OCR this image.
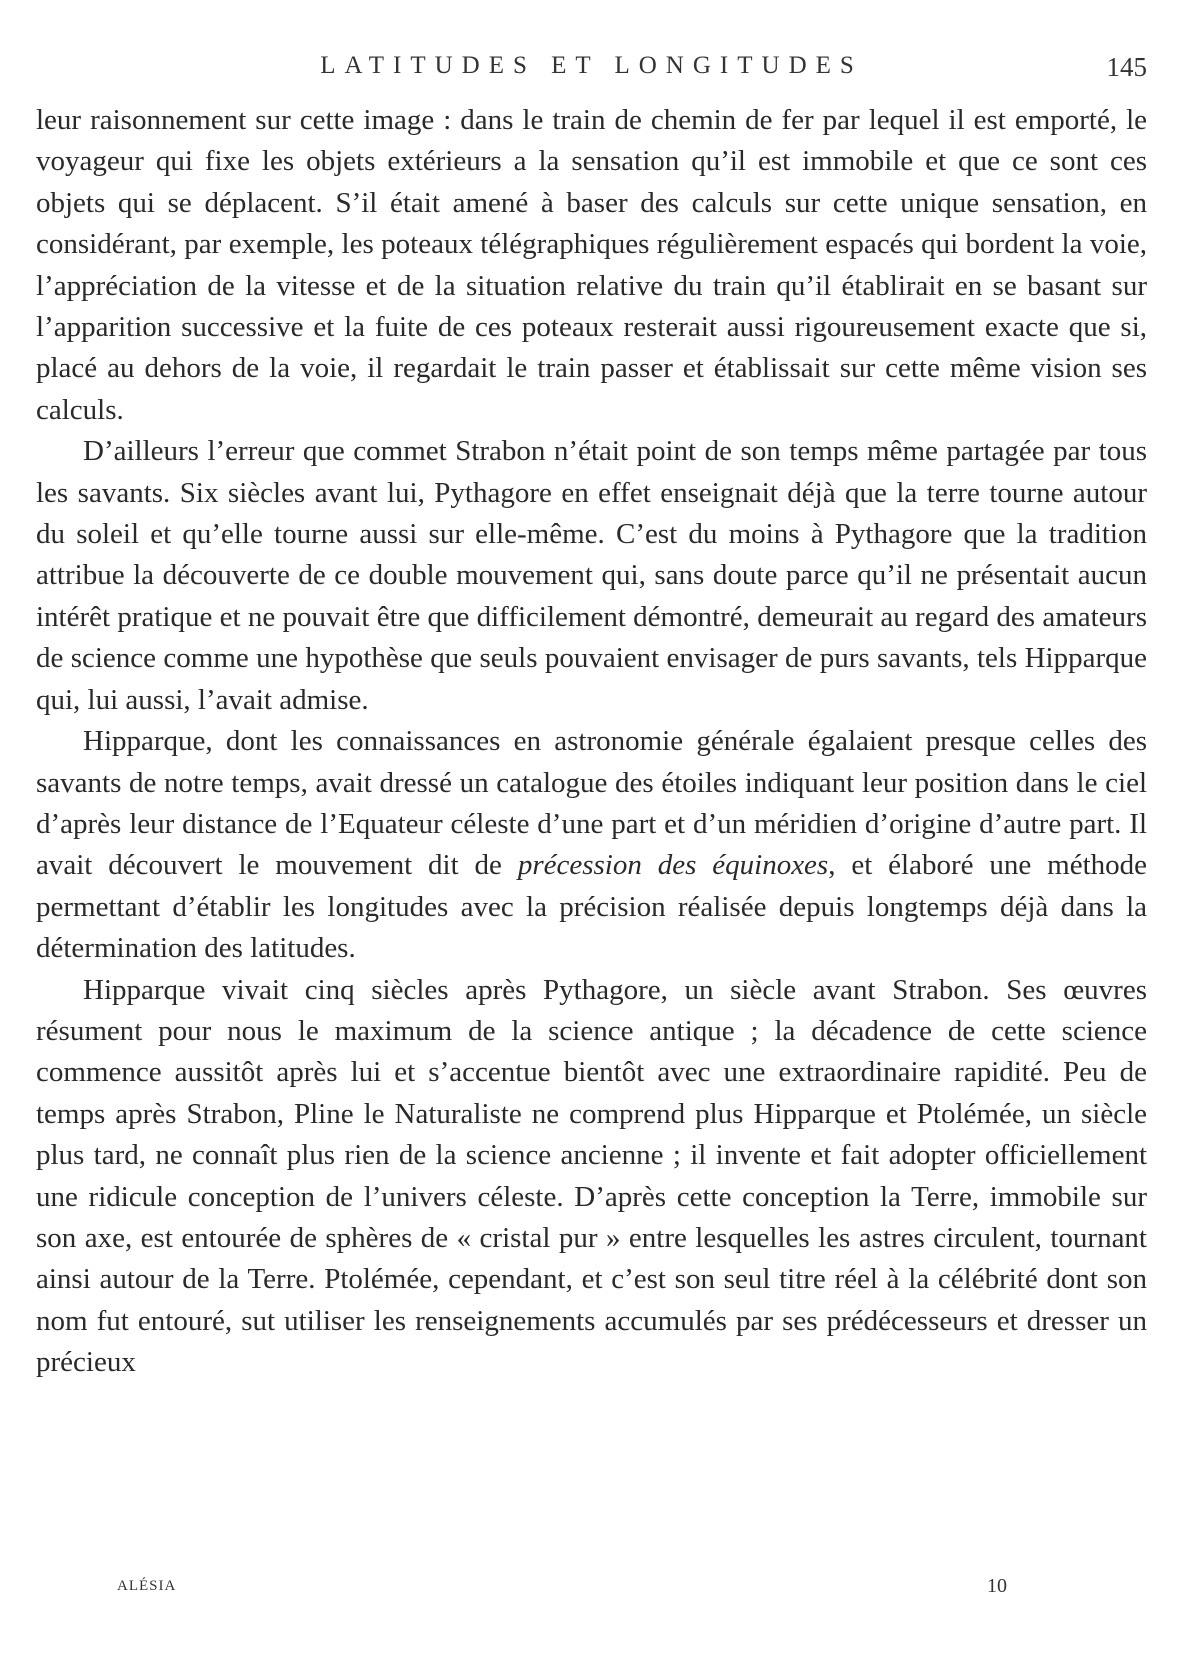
LATITUDES ET LONGITUDES	145

leur raisonnement sur cette image : dans le train de chemin de fer par lequel il est emporté, le voyageur qui fixe les objets extérieurs a la sensation qu’il est immobile et que ce sont ces objets qui se déplacent. S’il était amené à baser des calculs sur cette unique sensation, en considérant, par exemple, les poteaux télégraphiques régulièrement espacés qui bordent la voie, l’appréciation de la vitesse et de la situation relative du train qu’il établirait en se basant sur l’apparition successive et la fuite de ces poteaux resterait aussi rigoureusement exacte que si, placé au dehors de la voie, il regardait le train passer et établissait sur cette même vision ses calculs.

D’ailleurs l’erreur que commet Strabon n’était point de son temps même partagée par tous les savants. Six siècles avant lui, Pythagore en effet enseignait déjà que la terre tourne autour du soleil et qu’elle tourne aussi sur elle-même. C’est du moins à Pythagore que la tradition attribue la découverte de ce double mouvement qui, sans doute parce qu’il ne présentait aucun intérêt pratique et ne pouvait être que difficilement démontré, demeurait au regard des amateurs de science comme une hypothèse que seuls pouvaient envisager de purs savants, tels Hipparque qui, lui aussi, l’avait admise.

Hipparque, dont les connaissances en astronomie générale égalaient presque celles des savants de notre temps, avait dressé un catalogue des étoiles indiquant leur position dans le ciel d’après leur distance de l’Equateur céleste d’une part et d’un méridien d’origine d’autre part. Il avait découvert le mouvement dit de précession des équinoxes, et élaboré une méthode permettant d’établir les longitudes avec la précision réalisée depuis longtemps déjà dans la détermination des latitudes.

Hipparque vivait cinq siècles après Pythagore, un siècle avant Strabon. Ses œuvres résument pour nous le maximum de la science antique ; la décadence de cette science commence aussitôt après lui et s’accentue bientôt avec une extraordinaire rapidité. Peu de temps après Strabon, Pline le Naturaliste ne comprend plus Hipparque et Ptolémée, un siècle plus tard, ne connaît plus rien de la science ancienne ; il invente et fait adopter officiellement une ridicule conception de l’univers céleste. D’après cette conception la Terre, immobile sur son axe, est entourée de sphères de « cristal pur » entre lesquelles les astres circulent, tournant ainsi autour de la Terre. Ptolémée, cependant, et c’est son seul titre réel à la célébrité dont son nom fut entouré, sut utiliser les renseignements accumulés par ses prédécesseurs et dresser un précieux

ALÉSIA	10
